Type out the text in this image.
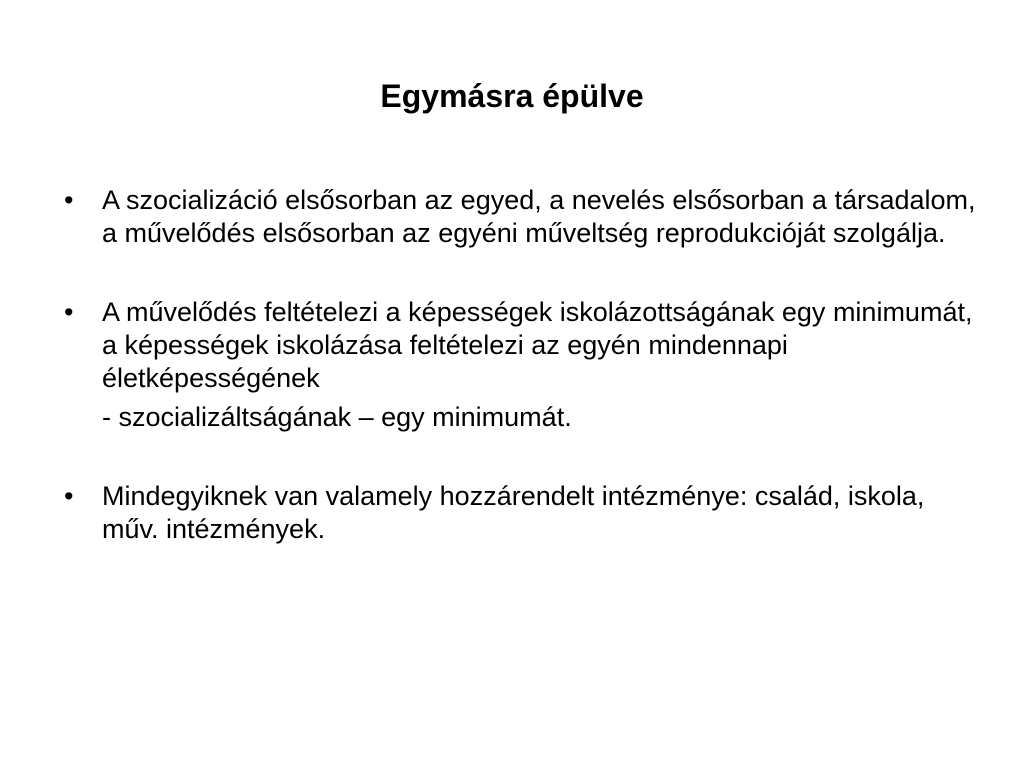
Egymásra épülve
•	A szocializáció elsősorban az egyed, a nevelés elsősorban a társadalom, a művelődés elsősorban az egyéni műveltség reprodukcióját szolgálja.
•	A művelődés feltételezi a képességek iskolázottságának egy minimumát, a képességek iskolázása feltételezi az egyén mindennapi életképességének
- szocializáltságának – egy minimumát.
•	Mindegyiknek van valamely hozzárendelt intézménye: család, iskola, műv. intézmények.
